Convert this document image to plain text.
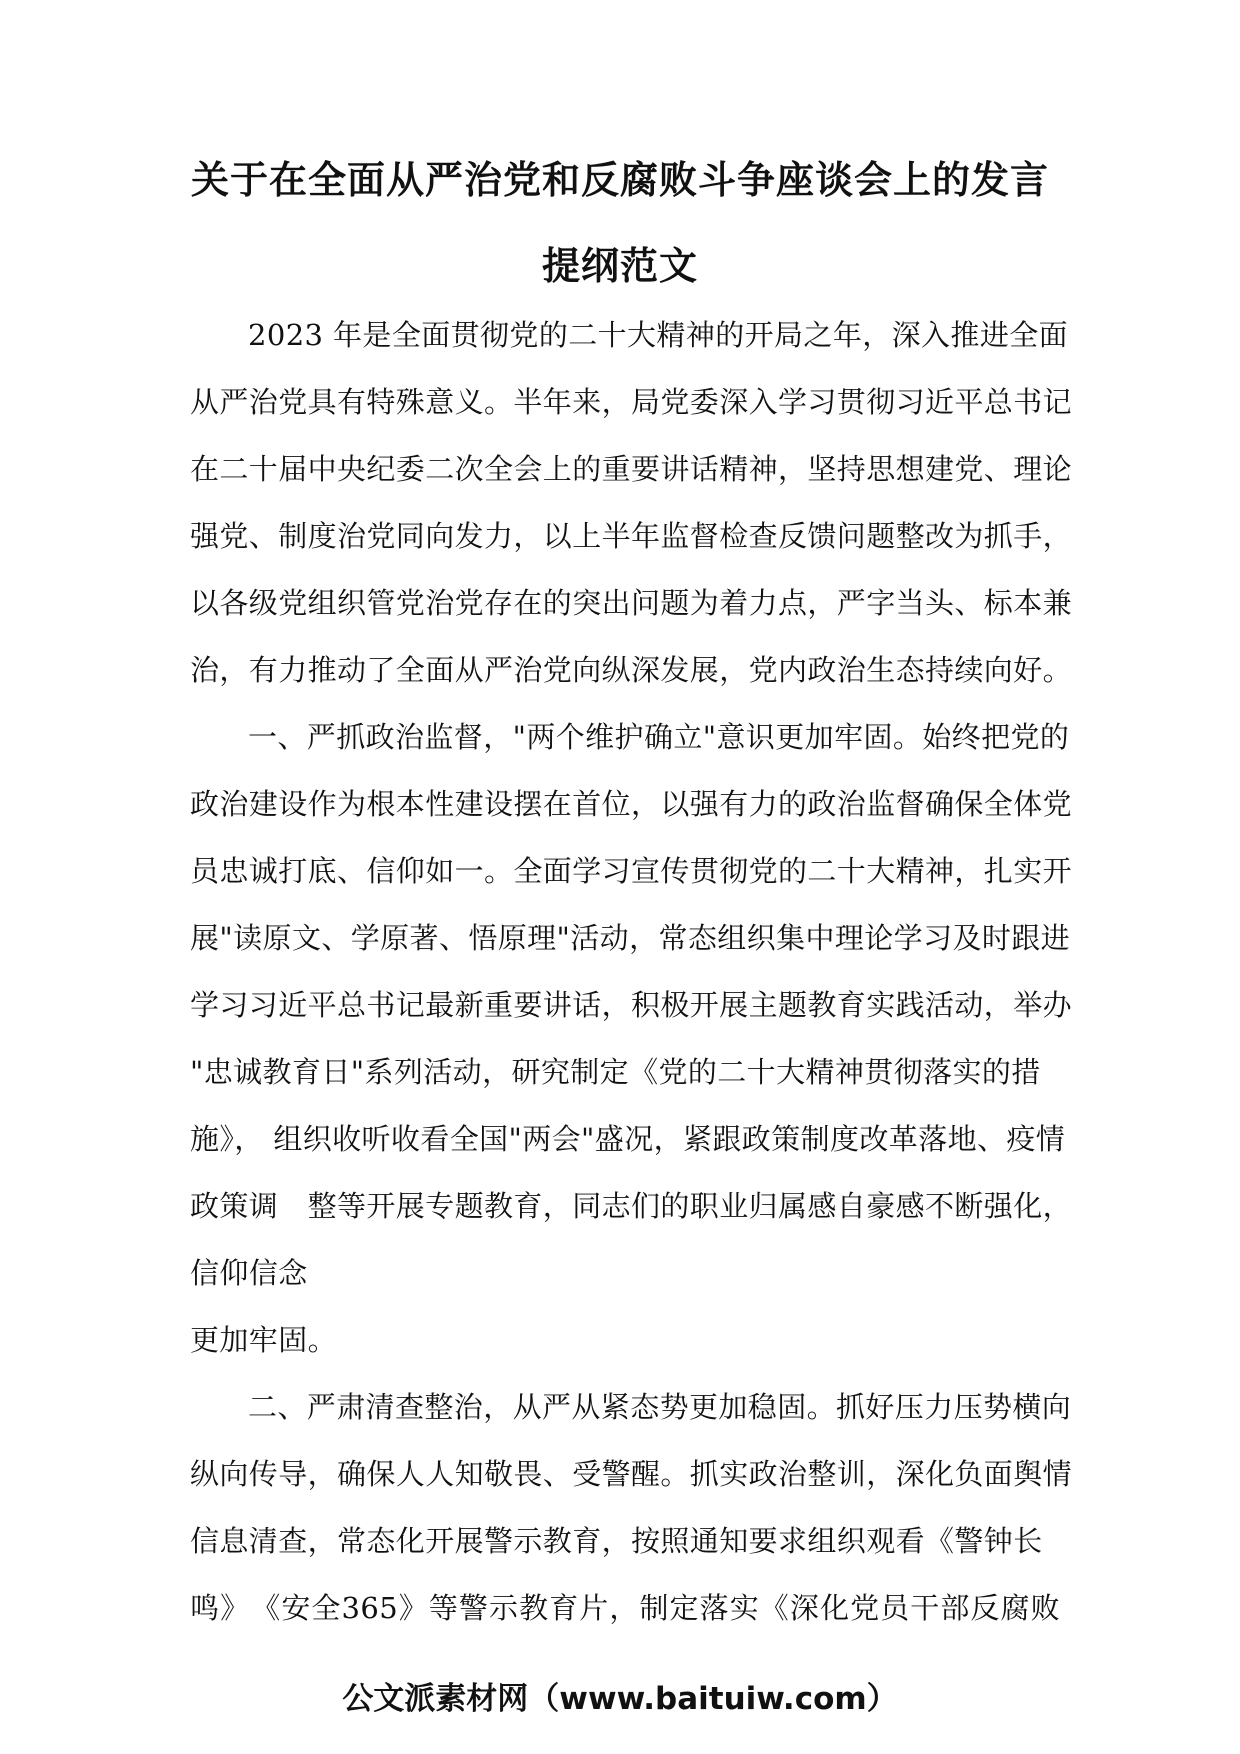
关于在全面从严治党和反腐败斗争座谈会上的发言
提纲范文
2023 年是全面贯彻党的二十大精神的开局之年，深入推进全面
从严治党具有特殊意义。半年来，局党委深入学习贯彻习近平总书记
在二十届中央纪委二次全会上的重要讲话精神，坚持思想建党、理论
强党、制度治党同向发力，以上半年监督检查反馈问题整改为抓手，
以各级党组织管党治党存在的突出问题为着力点，严字当头、标本兼
治，有力推动了全面从严治党向纵深发展，党内政治生态持续向好。
一、严抓政治监督，"两个维护确立"意识更加牢固。始终把党的
政治建设作为根本性建设摆在首位，以强有力的政治监督确保全体党
员忠诚打底、信仰如一。全面学习宣传贯彻党的二十大精神，扎实开
展"读原文、学原著、悟原理"活动，常态组织集中理论学习及时跟进
学习习近平总书记最新重要讲话，积极开展主题教育实践活动，举办
"忠诚教育日"系列活动，研究制定《党的二十大精神贯彻落实的措
施》， 组织收听收看全国"两会"盛况，紧跟政策制度改革落地、疫情
政策调　整等开展专题教育，同志们的职业归属感自豪感不断强化，
信仰信念
更加牢固。
二、严肃清查整治，从严从紧态势更加稳固。抓好压力压势横向
纵向传导，确保人人知敬畏、受警醒。抓实政治整训，深化负面舆情
信息清查，常态化开展警示教育，按照通知要求组织观看《警钟长
鸣》　《安全365》等警示教育片，制定落实《深化党员干部反腐败
公文派素材网（www.baituiw.com）
